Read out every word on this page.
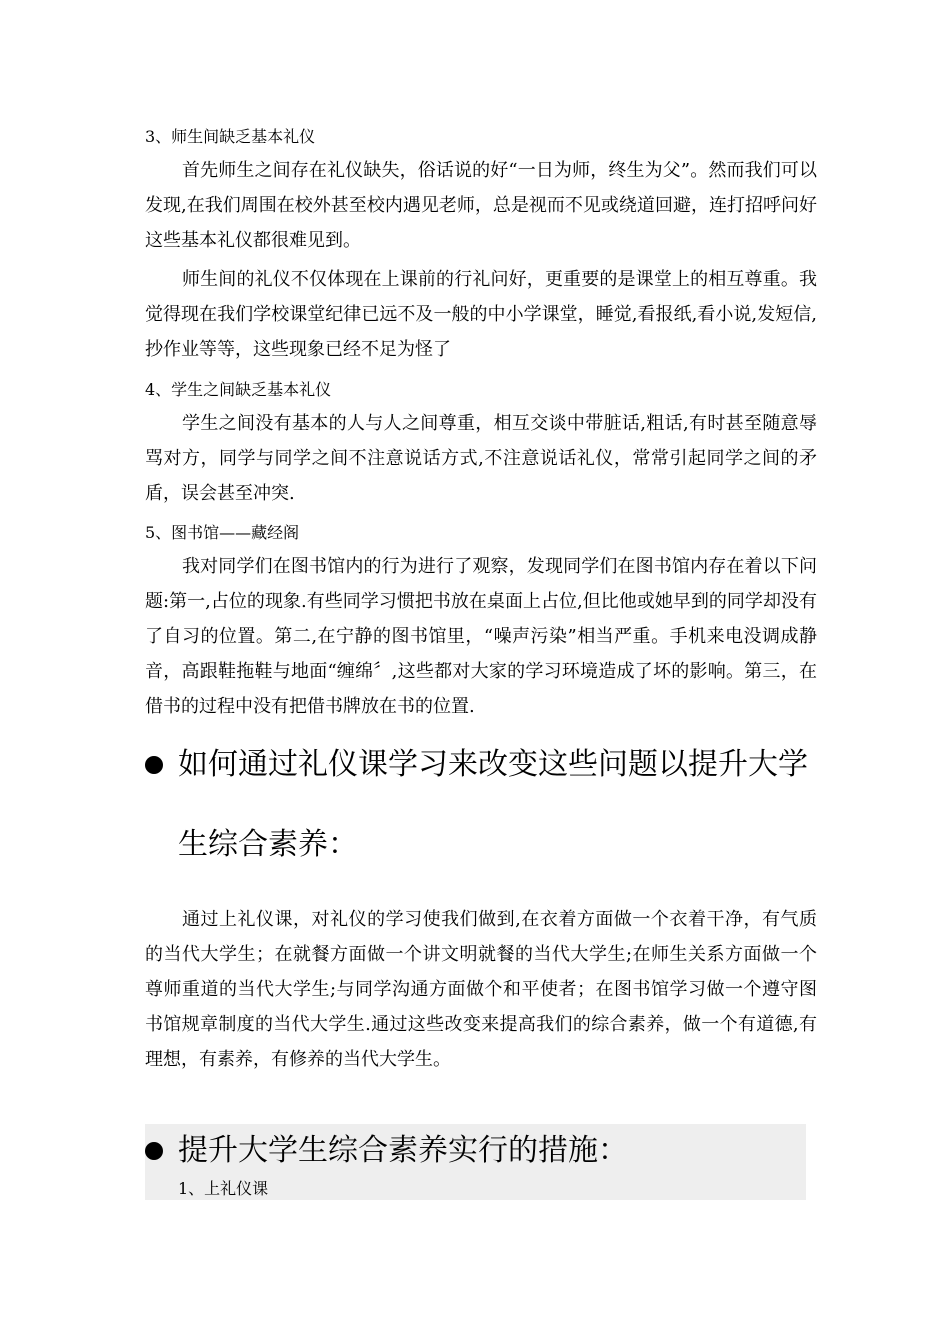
3、师生间缺乏基本礼仪

首先师生之间存在礼仪缺失，俗话说的好“一日为师，终生为父”。然而我们可以发现,在我们周围在校外甚至校内遇见老师，总是视而不见或绕道回避，连打招呼问好这些基本礼仪都很难见到。

师生间的礼仪不仅体现在上课前的行礼问好，更重要的是课堂上的相互尊重。我觉得现在我们学校课堂纪律已远不及一般的中小学课堂，睡觉,看报纸,看小说,发短信,抄作业等等，这些现象已经不足为怪了

4、学生之间缺乏基本礼仪

学生之间没有基本的人与人之间尊重，相互交谈中带脏话,粗话,有时甚至随意辱骂对方，同学与同学之间不注意说话方式,不注意说话礼仪，常常引起同学之间的矛盾，误会甚至冲突.

5、图书馆——藏经阁

我对同学们在图书馆内的行为进行了观察，发现同学们在图书馆内存在着以下问题:第一,占位的现象.有些同学习惯把书放在桌面上占位,但比他或她早到的同学却没有了自习的位置。第二,在宁静的图书馆里，“噪声污染”相当严重。手机来电没调成静音，高跟鞋拖鞋与地面“缠绵〞,这些都对大家的学习环境造成了坏的影响。第三，在借书的过程中没有把借书牌放在书的位置.

如何通过礼仪课学习来改变这些问题以提升大学
生综合素养：

通过上礼仪课，对礼仪的学习使我们做到,在衣着方面做一个衣着干净，有气质的当代大学生；在就餐方面做一个讲文明就餐的当代大学生;在师生关系方面做一个尊师重道的当代大学生;与同学沟通方面做个和平使者；在图书馆学习做一个遵守图书馆规章制度的当代大学生.通过这些改变来提高我们的综合素养，做一个有道德,有理想，有素养，有修养的当代大学生。

提升大学生综合素养实行的措施：
1、上礼仪课
